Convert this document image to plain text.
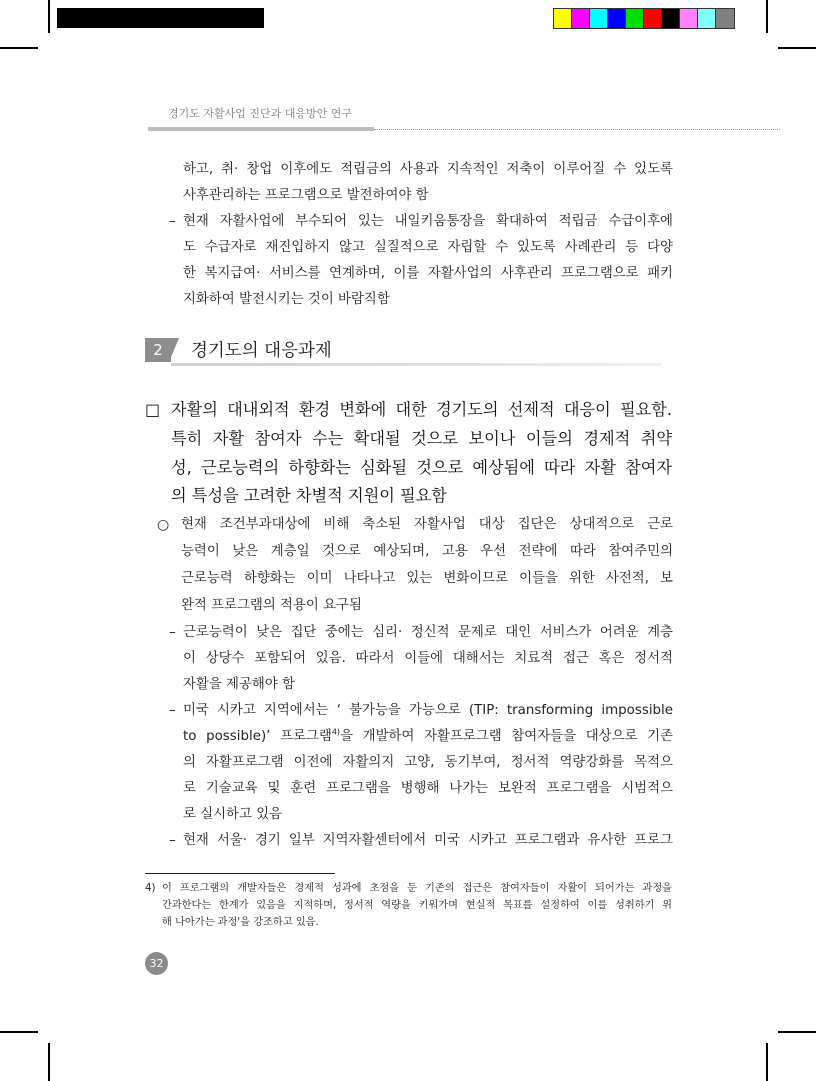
경기도 자활사업 진단과 대응방안 연구
하고, 취· 창업 이후에도 적립금의 사용과 지속적인 저축이 이루어질 수 있도록
사후관리하는 프로그램으로 발전하여야 함
– 현재 자활사업에 부수되어 있는 내일키움통장을 확대하여 적립금 수급이후에
도 수급자로 재진입하지 않고 실질적으로 자립할 수 있도록 사례관리 등 다양
한 복지급여· 서비스를 연계하며, 이를 자활사업의 사후관리 프로그램으로 패키
지화하여 발전시키는 것이 바람직함
2	경기도의 대응과제
□ 자활의 대내외적 환경 변화에 대한 경기도의 선제적 대응이 필요함.
특히 자활 참여자 수는 확대될 것으로 보이나 이들의 경제적 취약
성, 근로능력의 하향화는 심화될 것으로 예상됨에 따라 자활 참여자
의 특성을 고려한 차별적 지원이 필요함
○ 현재 조건부과대상에 비해 축소된 자활사업 대상 집단은 상대적으로 근로
능력이 낮은 계층일 것으로 예상되며, 고용 우선 전략에 따라 참여주민의
근로능력 하향화는 이미 나타나고 있는 변화이므로 이들을 위한 사전적, 보
완적 프로그램의 적용이 요구됨
– 근로능력이 낮은 집단 중에는 심리· 정신적 문제로 대인 서비스가 어려운 계층
이 상당수 포함되어 있음. 따라서 이들에 대해서는 치료적 접근 혹은 정서적
자활을 제공해야 함
– 미국 시카고 지역에서는 ‘ 불가능을 가능으로 (TIP: transforming impossible
to possible)’ 프로그램$^{4)}$을 개발하여 자활프로그램 참여자들을 대상으로 기존
의 자활프로그램 이전에 자활의지 고양, 동기부여, 정서적 역량강화를 목적으
로 기술교육 및 훈련 프로그램을 병행해 나가는 보완적 프로그램을 시범적으
로 실시하고 있음
– 현재 서울· 경기 일부 지역자활센터에서 미국 시카고 프로그램과 유사한 프로그
4) 이 프로그램의 개발자들은 경제적 성과에 초점을 둔 기존의 접근은 참여자들이 자활이 되어가는 과정을
간과한다는 한계가 있음을 지적하며, 정서적 역량을 키워가며 현실적 목표를 설정하여 이를 성취하기 위
해 나아가는 과정'을 강조하고 있음.
32
